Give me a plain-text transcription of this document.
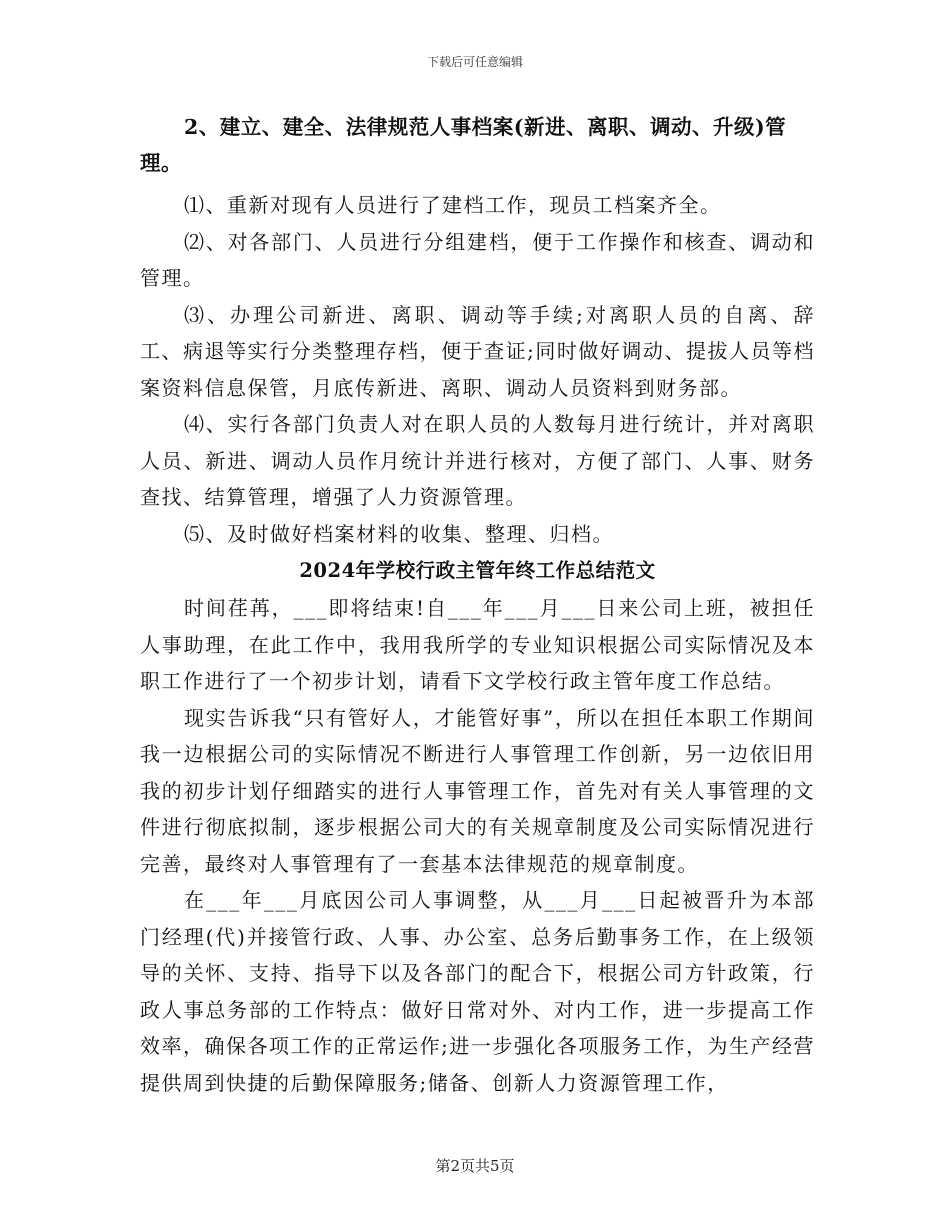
下载后可任意编辑

2、建立、建全、法律规范人事档案(新进、离职、调动、升级)管理。

⑴、重新对现有人员进行了建档工作，现员工档案齐全。

⑵、对各部门、人员进行分组建档，便于工作操作和核查、调动和管理。

⑶、办理公司新进、离职、调动等手续;对离职人员的自离、辞工、病退等实行分类整理存档，便于查证;同时做好调动、提拔人员等档案资料信息保管，月底传新进、离职、调动人员资料到财务部。

⑷、实行各部门负责人对在职人员的人数每月进行统计，并对离职人员、新进、调动人员作月统计并进行核对，方便了部门、人事、财务查找、结算管理，增强了人力资源管理。

⑸、及时做好档案材料的收集、整理、归档。

2024年学校行政主管年终工作总结范文

时间荏苒，___即将结束!自___年___月___日来公司上班，被担任人事助理，在此工作中，我用我所学的专业知识根据公司实际情况及本职工作进行了一个初步计划，请看下文学校行政主管年度工作总结。

现实告诉我“只有管好人，才能管好事”，所以在担任本职工作期间我一边根据公司的实际情况不断进行人事管理工作创新，另一边依旧用我的初步计划仔细踏实的进行人事管理工作，首先对有关人事管理的文件进行彻底拟制，逐步根据公司大的有关规章制度及公司实际情况进行完善，最终对人事管理有了一套基本法律规范的规章制度。

在___年___月底因公司人事调整，从___月___日起被晋升为本部门经理(代)并接管行政、人事、办公室、总务后勤事务工作，在上级领导的关怀、支持、指导下以及各部门的配合下，根据公司方针政策，行政人事总务部的工作特点：做好日常对外、对内工作，进一步提高工作效率，确保各项工作的正常运作;进一步强化各项服务工作，为生产经营提供周到快捷的后勤保障服务;储备、创新人力资源管理工作，

第2页共5页
